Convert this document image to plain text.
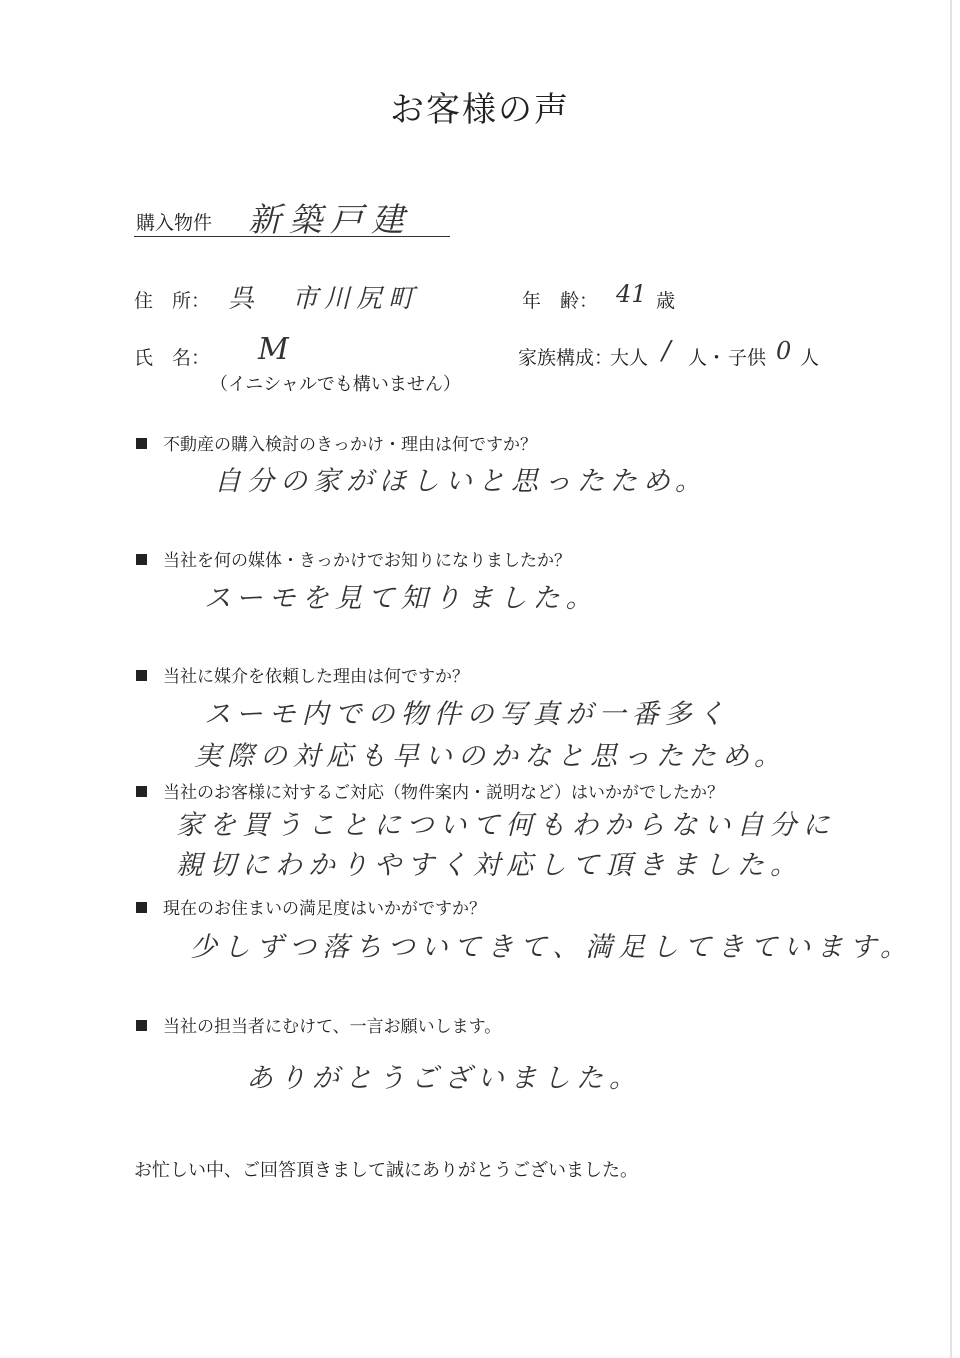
お客様の声
購入物件 新築戸建
住　所： 呉　市川尻町	年　齢： 41 歳
氏　名： M
（イニシャルでも構いません）
家族構成：
大人 / 人・ 子供 0 人
不動産の購入検討のきっかけ・理由は何ですか？
自分の家がほしいと思ったため。
当社を何の媒体・きっかけでお知りになりましたか？
スーモを見て知りました。
当社に媒介を依頼した理由は何ですか？
スーモ内での物件の写真が一番多く
実際の対応も早いのかなと思ったため。
当社のお客様に対するご対応（物件案内・説明など）はいかがでしたか？
家を買うことについて何もわからない自分に
親切にわかりやすく対応して頂きました。
現在のお住まいの満足度はいかがですか？
少しずつ落ちついてきて、満足してきています。
当社の担当者にむけて、一言お願いします。
ありがとうございました。
お忙しい中、ご回答頂きまして誠にありがとうございました。
